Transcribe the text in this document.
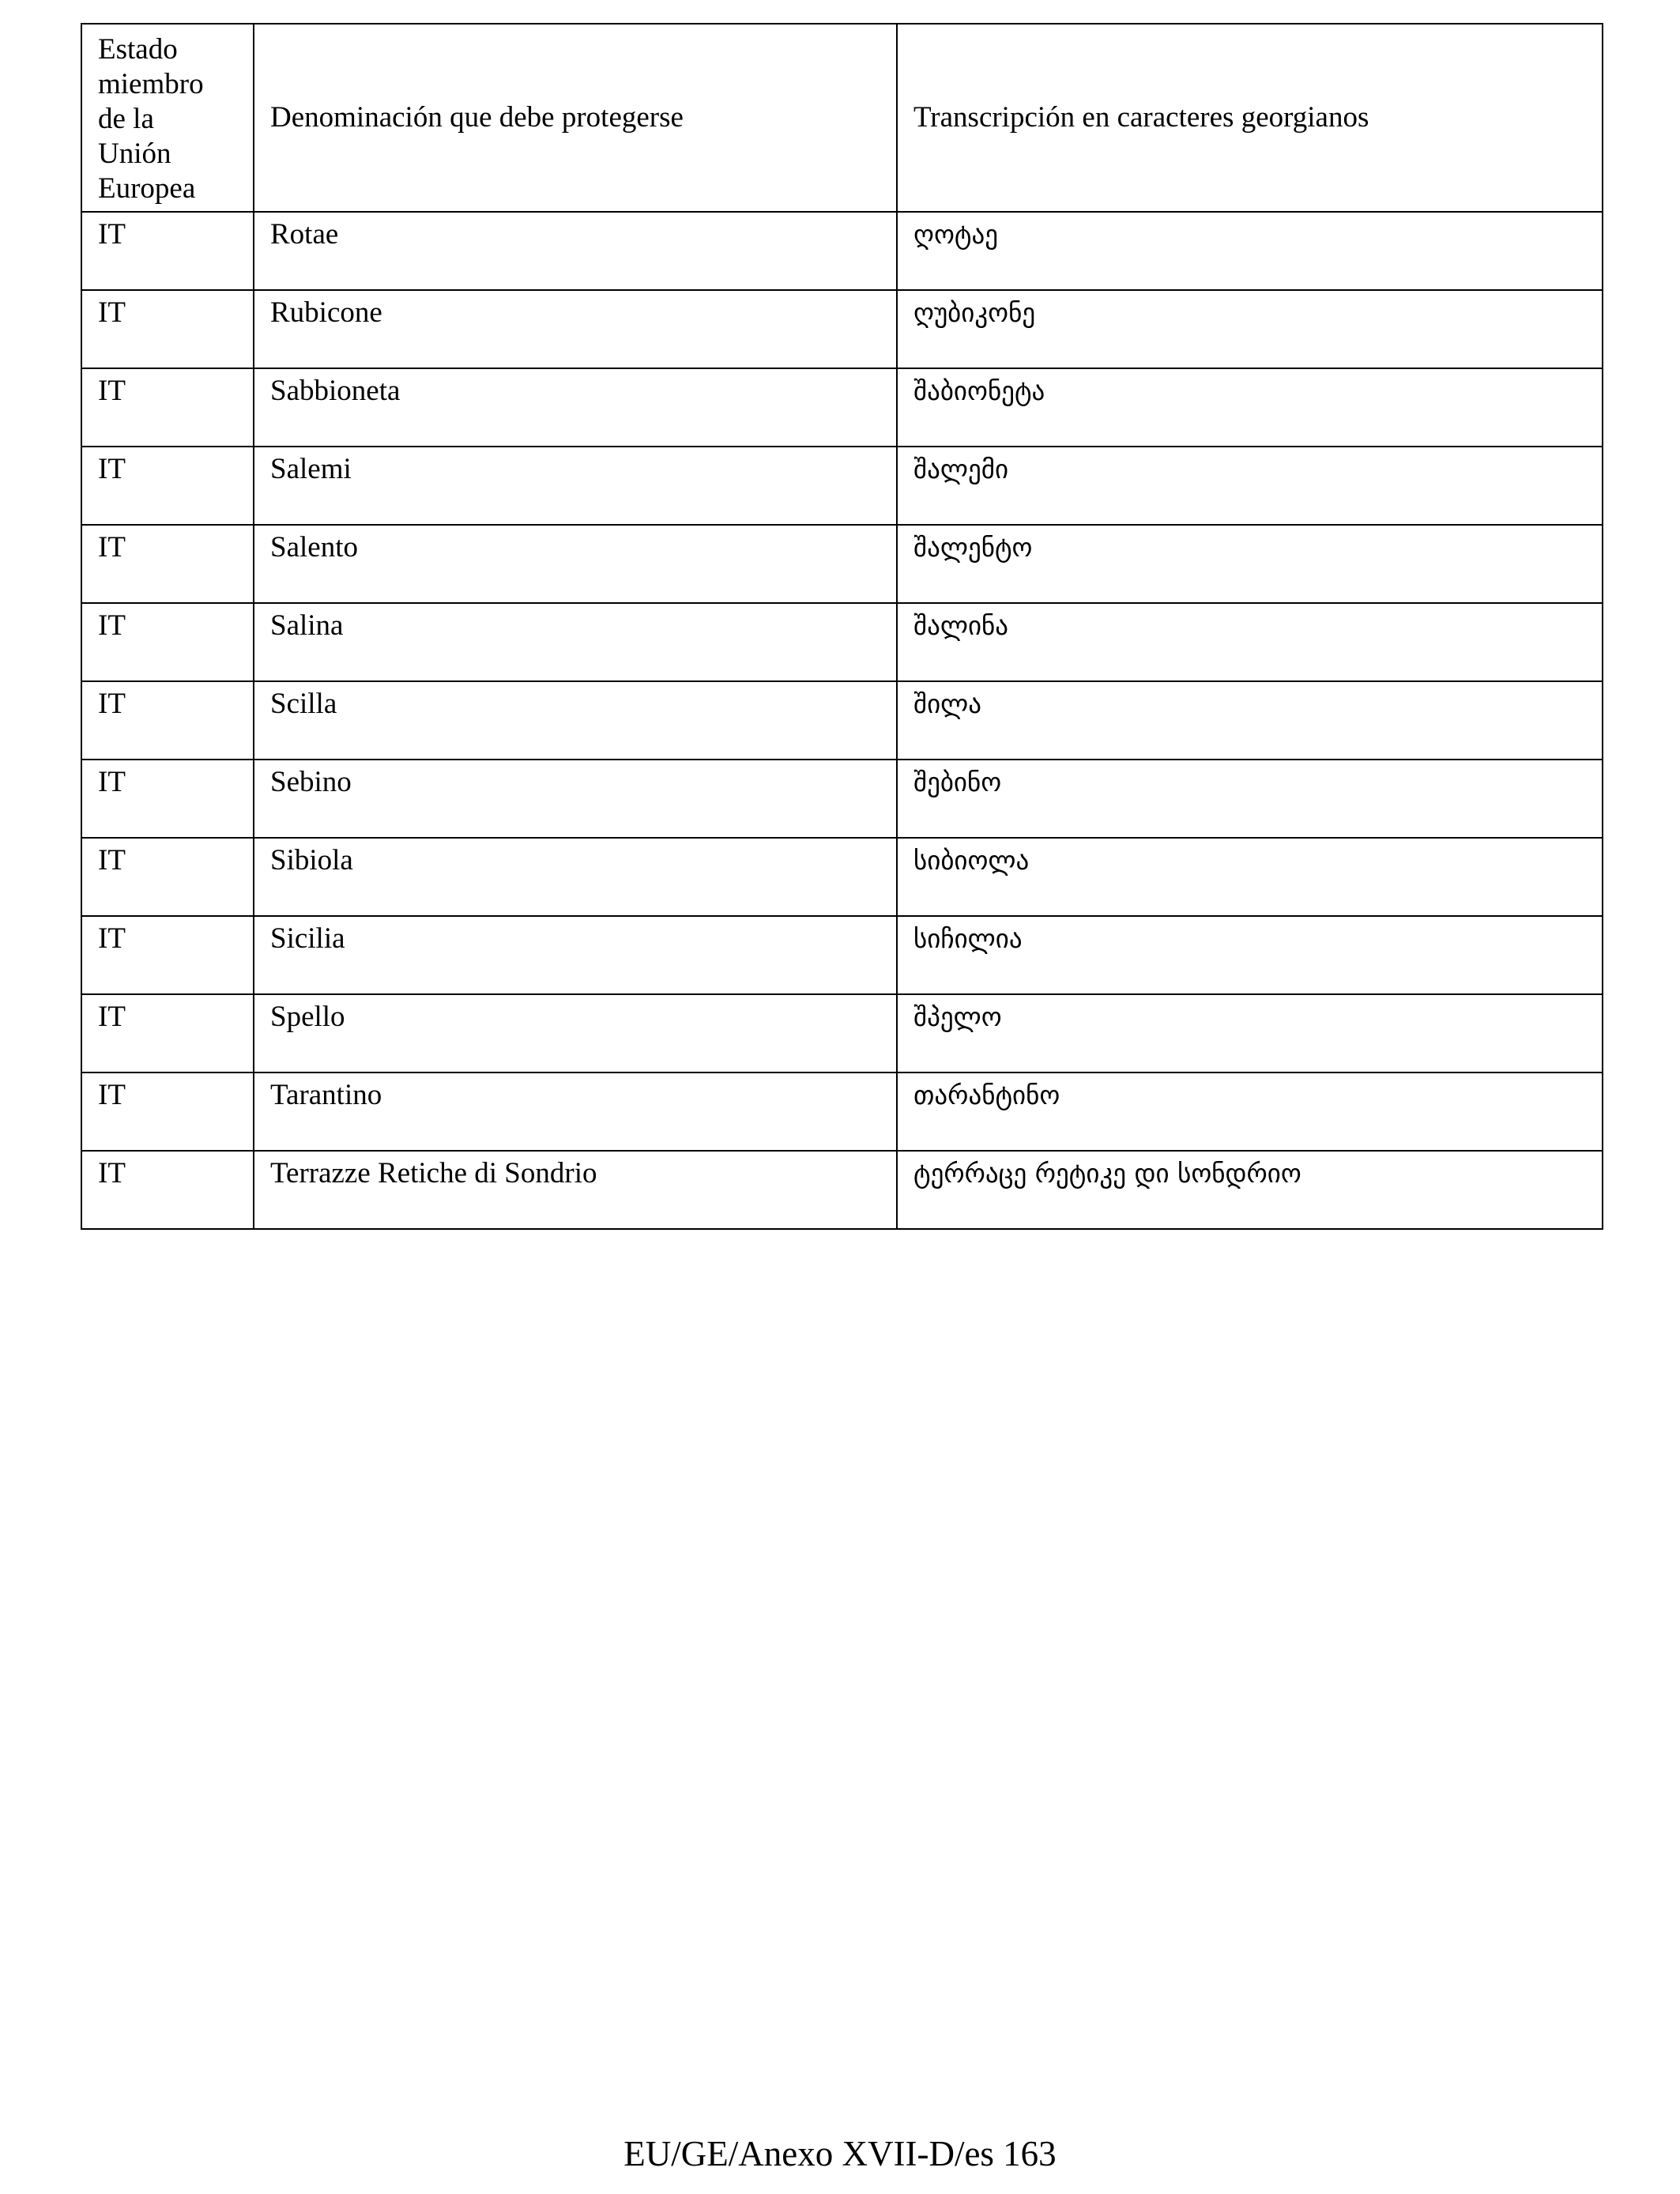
Estado
miembro
de la
Unión
Europea	Denominación que debe protegerse	Transcripción en caracteres georgianos
IT	Rotae	ღოტაე
IT	Rubicone	ღუბიკონე
IT	Sabbioneta	შაბიონეტა
IT	Salemi	შალემი
IT	Salento	შალენტო
IT	Salina	შალინა
IT	Scilla	შილა
IT	Sebino	შებინო
IT	Sibiola	სიბიოლა
IT	Sicilia	სიჩილია
IT	Spello	შპელო
IT	Tarantino	თარანტინო
IT	Terrazze Retiche di Sondrio	ტერრაცე რეტიკე დი სონდრიო
EU/GE/Anexo XVII-D/es 163
